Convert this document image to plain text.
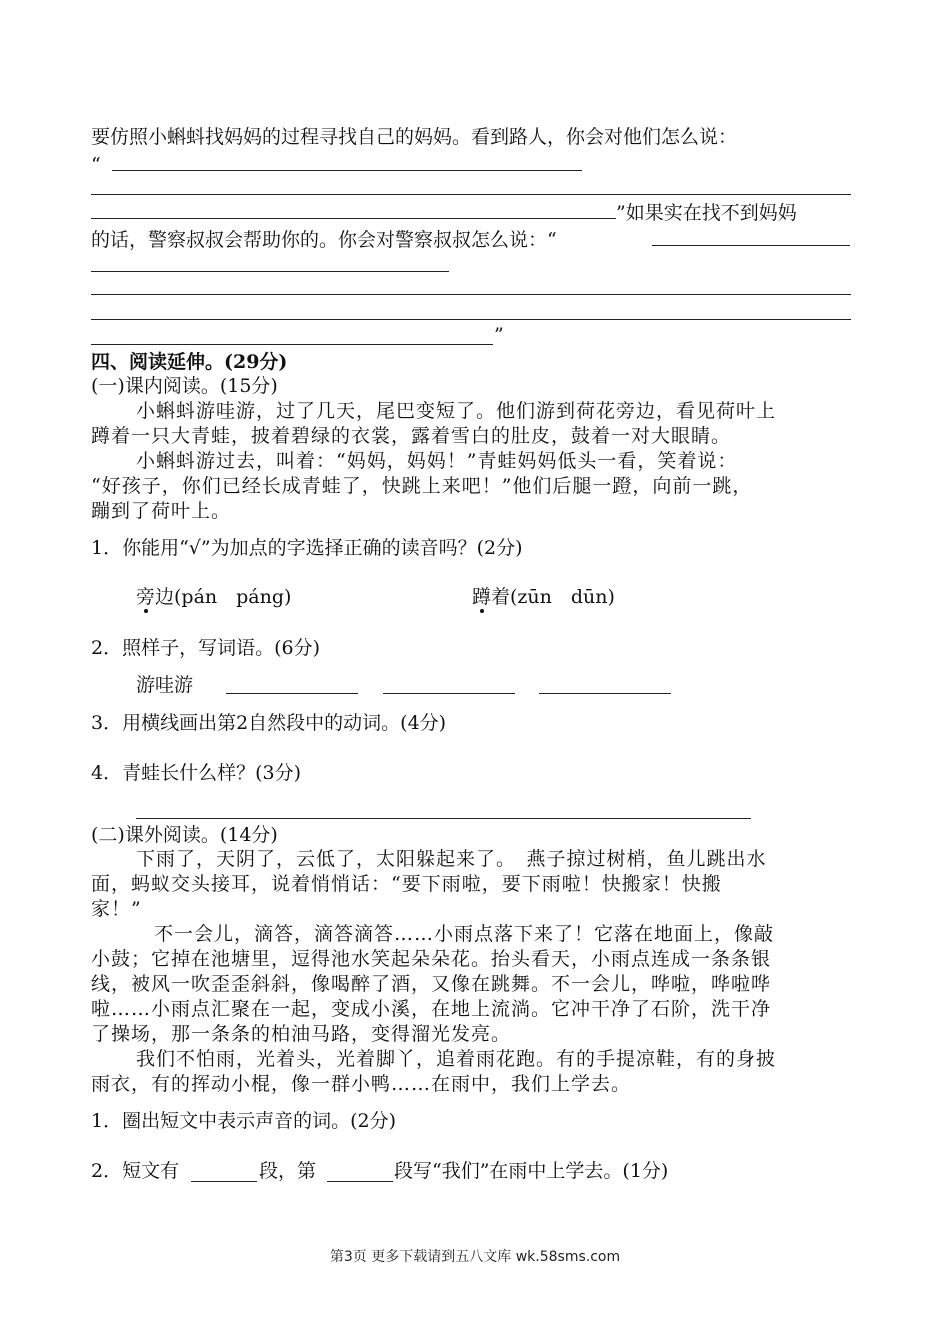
要仿照小蝌蚪找妈妈的过程寻找自己的妈妈。看到路人，你会对他们怎么说：
“
”如果实在找不到妈妈
的话，警察叔叔会帮助你的。你会对警察叔叔怎么说：“
”
四、阅读延伸。(29分)
(一)课内阅读。(15分)
小蝌蚪游哇游，过了几天，尾巴变短了。他们游到荷花旁边，看见荷叶上
蹲着一只大青蛙，披着碧绿的衣裳，露着雪白的肚皮，鼓着一对大眼睛。
小蝌蚪游过去，叫着：“妈妈，妈妈！”青蛙妈妈低头一看，笑着说：
“好孩子，你们已经长成青蛙了，快跳上来吧！”他们后腿一蹬，向前一跳，
蹦到了荷叶上。
1．你能用“√”为加点的字选择正确的读音吗？(2分)
旁边(pán　páng)	蹲着(zūn　dūn)
2．照样子，写词语。(6分)
游哇游
3．用横线画出第2自然段中的动词。(4分)
4．青蛙长什么样？(3分)
(二)课外阅读。(14分)
下雨了，天阴了，云低了，太阳躲起来了。　燕子掠过树梢，鱼儿跳出水
面，蚂蚁交头接耳，说着悄悄话：“要下雨啦，要下雨啦！快搬家！快搬
家！”
不一会儿，滴答，滴答滴答……小雨点落下来了！它落在地面上，像敲
小鼓；它掉在池塘里，逗得池水笑起朵朵花。抬头看天，小雨点连成一条条银
线，被风一吹歪歪斜斜，像喝醉了酒，又像在跳舞。不一会儿，哗啦，哗啦哗
啦……小雨点汇聚在一起，变成小溪，在地上流淌。它冲干净了石阶，洗干净
了操场，那一条条的柏油马路，变得溜光发亮。
我们不怕雨，光着头，光着脚丫，追着雨花跑。有的手提凉鞋，有的身披
雨衣，有的挥动小棍，像一群小鸭……在雨中，我们上学去。
1．圈出短文中表示声音的词。(2分)
2．短文有	段，第	段写“我们”在雨中上学去。(1分)
第3页 更多下载请到五八文库 wk.58sms.com
